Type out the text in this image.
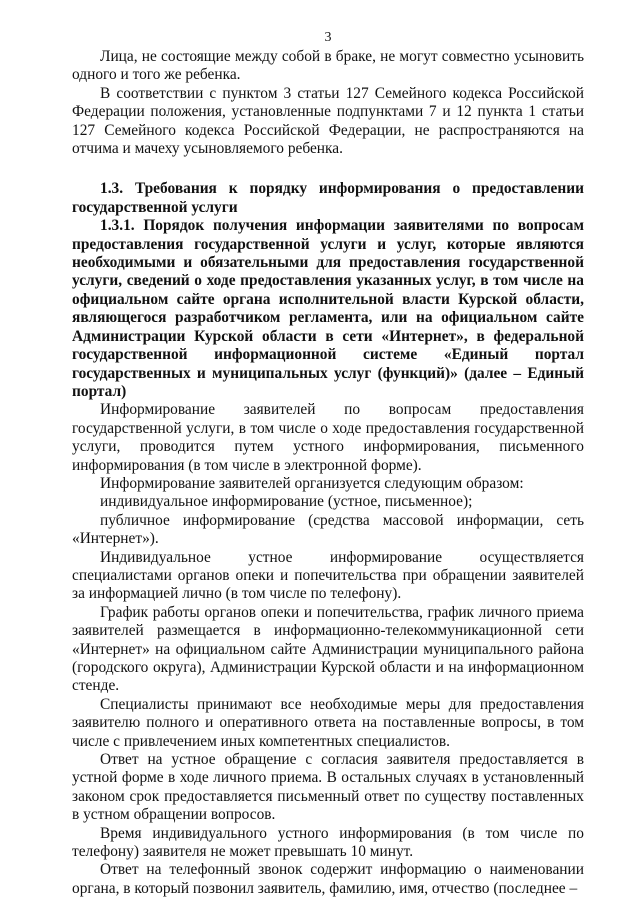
3

Лица, не состоящие между собой в браке, не могут совместно усыновить одного и того же ребенка.

В соответствии с пунктом 3 статьи 127 Семейного кодекса Российской Федерации положения, установленные подпунктами 7 и 12 пункта 1 статьи 127 Семейного кодекса Российской Федерации, не распространяются на отчима и мачеху усыновляемого ребенка.

1.3. Требования к порядку информирования о предоставлении государственной услуги

1.3.1. Порядок получения информации заявителями по вопросам предоставления государственной услуги и услуг, которые являются необходимыми и обязательными для предоставления государственной услуги, сведений о ходе предоставления указанных услуг, в том числе на официальном сайте органа исполнительной власти Курской области, являющегося разработчиком регламента, или на официальном сайте Администрации Курской области в сети «Интернет», в федеральной государственной информационной системе «Единый портал государственных и муниципальных услуг (функций)» (далее – Единый портал)

Информирование заявителей по вопросам предоставления государственной услуги, в том числе о ходе предоставления государственной услуги, проводится путем устного информирования, письменного информирования (в том числе в электронной форме).

Информирование заявителей организуется следующим образом:

индивидуальное информирование (устное, письменное);

публичное информирование (средства массовой информации, сеть «Интернет»).

Индивидуальное устное информирование осуществляется специалистами органов опеки и попечительства при обращении заявителей за информацией лично (в том числе по телефону).

График работы органов опеки и попечительства, график личного приема заявителей размещается в информационно-телекоммуникационной сети «Интернет» на официальном сайте Администрации муниципального района (городского округа), Администрации Курской области и на информационном стенде.

Специалисты принимают все необходимые меры для предоставления заявителю полного и оперативного ответа на поставленные вопросы, в том числе с привлечением иных компетентных специалистов.

Ответ на устное обращение с согласия заявителя предоставляется в устной форме в ходе личного приема. В остальных случаях в установленный законом срок предоставляется письменный ответ по существу поставленных в устном обращении вопросов.

Время индивидуального устного информирования (в том числе по телефону) заявителя не может превышать 10 минут.

Ответ на телефонный звонок содержит информацию о наименовании органа, в который позвонил заявитель, фамилию, имя, отчество (последнее –
